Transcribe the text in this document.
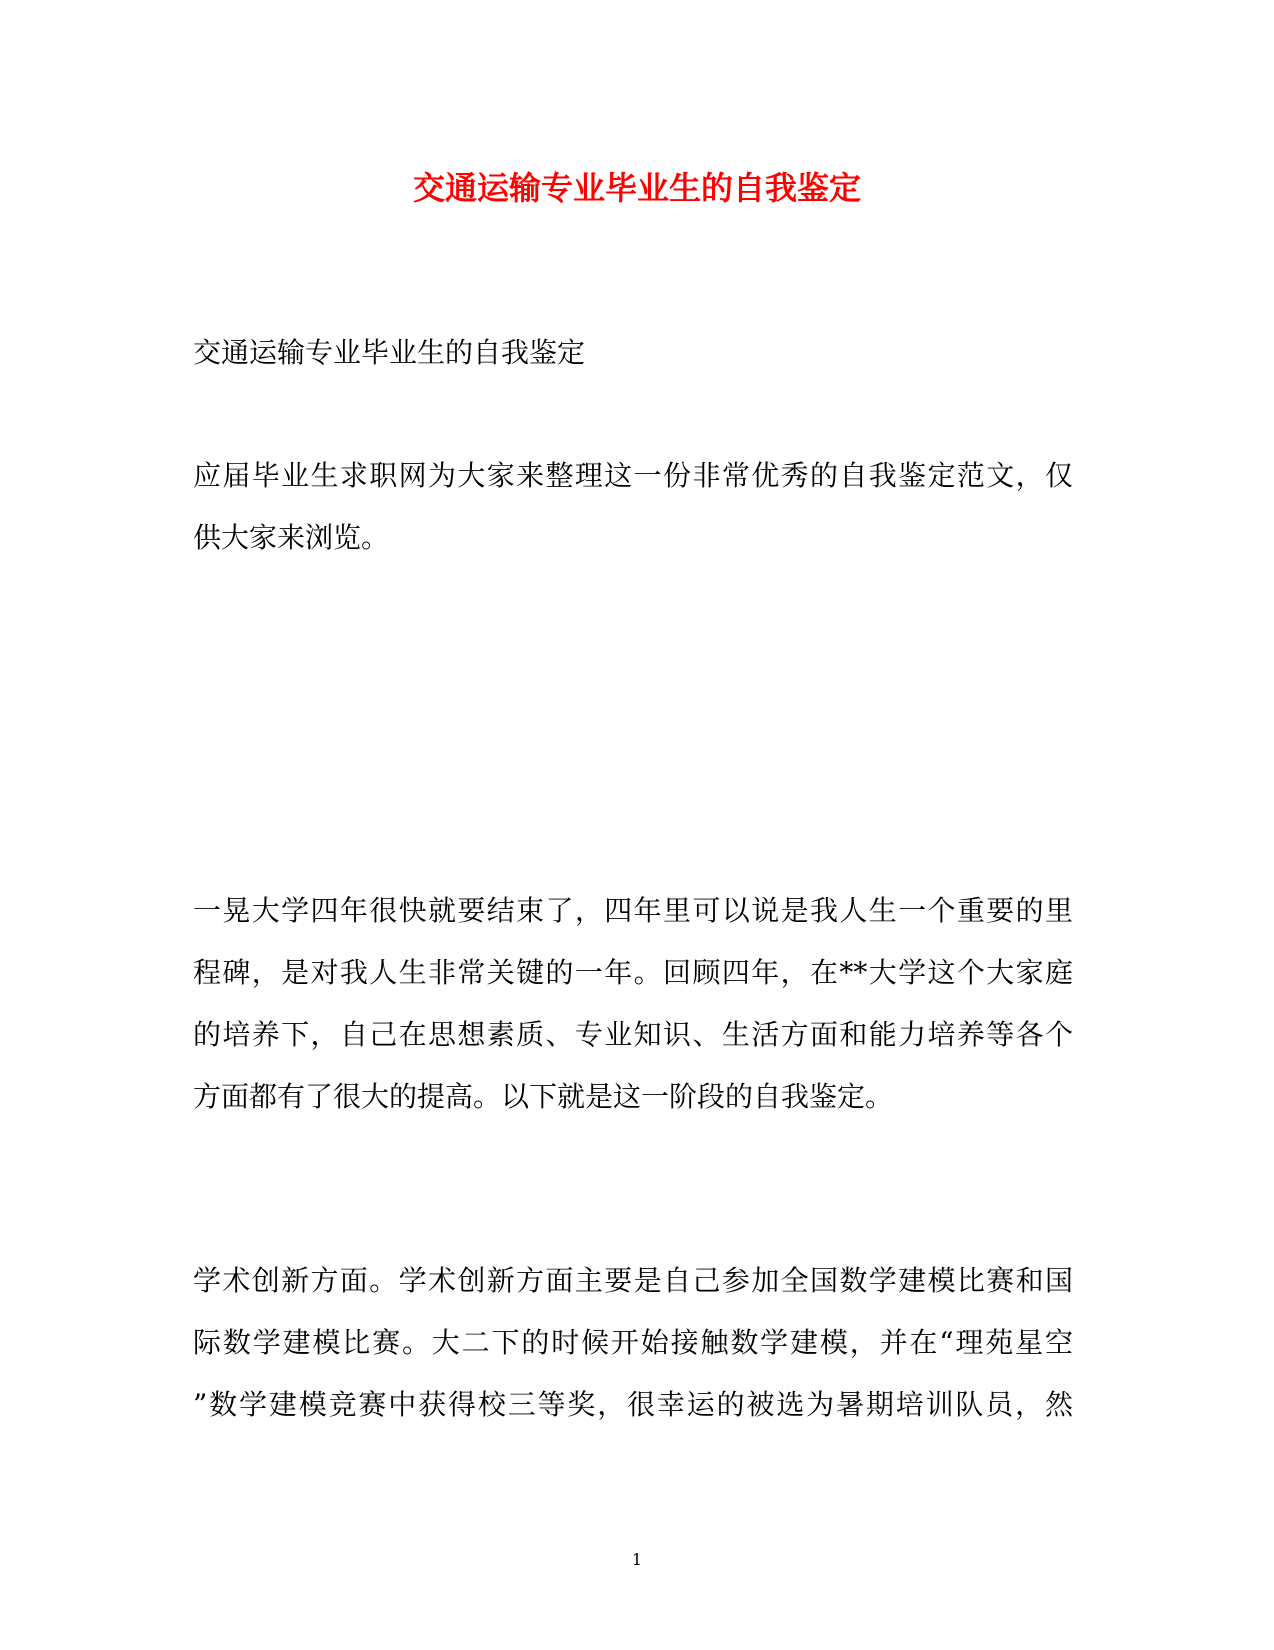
交通运输专业毕业生的自我鉴定

交通运输专业毕业生的自我鉴定

应届毕业生求职网为大家来整理这一份非常优秀的自我鉴定范文，仅
供大家来浏览。

一晃大学四年很快就要结束了，四年里可以说是我人生一个重要的里
程碑，是对我人生非常关键的一年。回顾四年，在**大学这个大家庭
的培养下，自己在思想素质、专业知识、生活方面和能力培养等各个
方面都有了很大的提高。以下就是这一阶段的自我鉴定。

学术创新方面。学术创新方面主要是自己参加全国数学建模比赛和国
际数学建模比赛。大二下的时候开始接触数学建模，并在“理苑星空
”数学建模竞赛中获得校三等奖，很幸运的被选为暑期培训队员，然

1
